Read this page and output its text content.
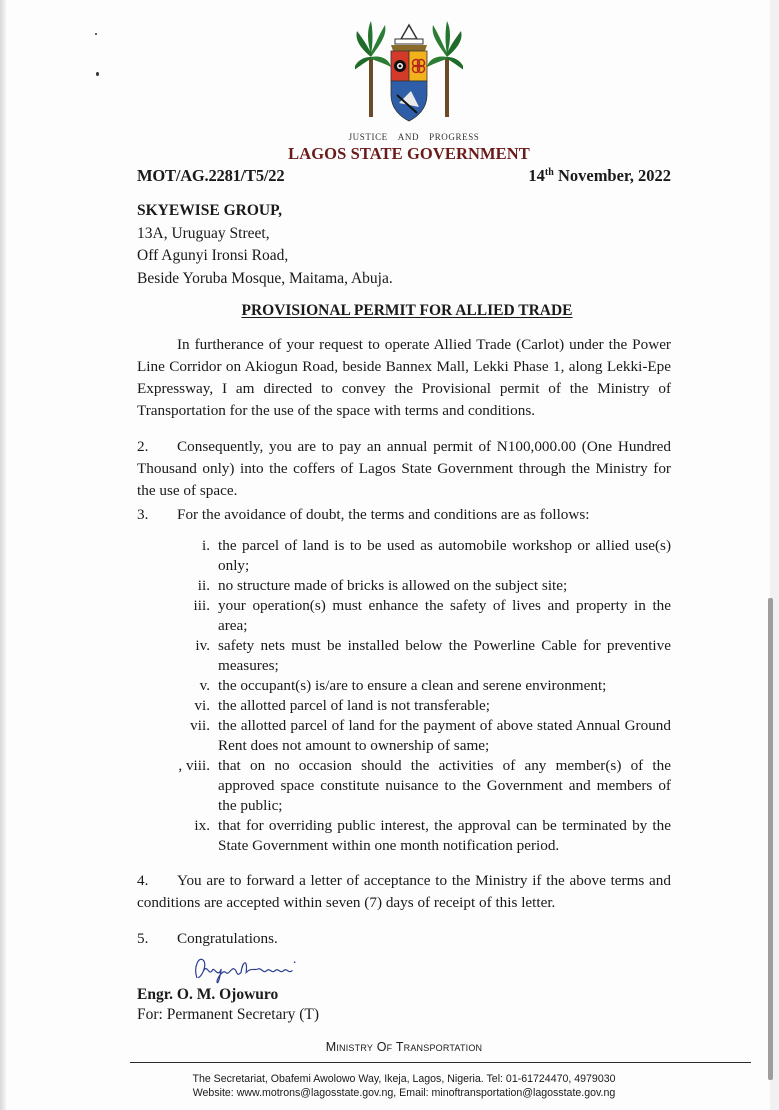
JUSTICE AND PROGRESS
LAGOS STATE GOVERNMENT
MOT/AG.2281/T5/22	14th November, 2022
SKYEWISE GROUP,
13A, Uruguay Street,
Off Agunyi Ironsi Road,
Beside Yoruba Mosque, Maitama, Abuja.
PROVISIONAL PERMIT FOR ALLIED TRADE
In furtherance of your request to operate Allied Trade (Carlot) under the Power Line Corridor on Akiogun Road, beside Bannex Mall, Lekki Phase 1, along Lekki-Epe Expressway, I am directed to convey the Provisional permit of the Ministry of Transportation for the use of the space with terms and conditions.
2. Consequently, you are to pay an annual permit of N100,000.00 (One Hundred Thousand only) into the coffers of Lagos State Government through the Ministry for the use of space.
3. For the avoidance of doubt, the terms and conditions are as follows:
i. the parcel of land is to be used as automobile workshop or allied use(s) only;
ii. no structure made of bricks is allowed on the subject site;
iii. your operation(s) must enhance the safety of lives and property in the area;
iv. safety nets must be installed below the Powerline Cable for preventive measures;
v. the occupant(s) is/are to ensure a clean and serene environment;
vi. the allotted parcel of land is not transferable;
vii. the allotted parcel of land for the payment of above stated Annual Ground Rent does not amount to ownership of same;
, viii. that on no occasion should the activities of any member(s) of the approved space constitute nuisance to the Government and members of the public;
ix. that for overriding public interest, the approval can be terminated by the State Government within one month notification period.
4. You are to forward a letter of acceptance to the Ministry if the above terms and conditions are accepted within seven (7) days of receipt of this letter.
5. Congratulations.
Engr. O. M. Ojowuro
For: Permanent Secretary (T)
Ministry Of Transportation
The Secretariat, Obafemi Awolowo Way, Ikeja, Lagos, Nigeria. Tel: 01-61724470, 4979030
Website: www.motrons@lagosstate.gov.ng, Email: minoftransportation@lagosstate.gov.ng
